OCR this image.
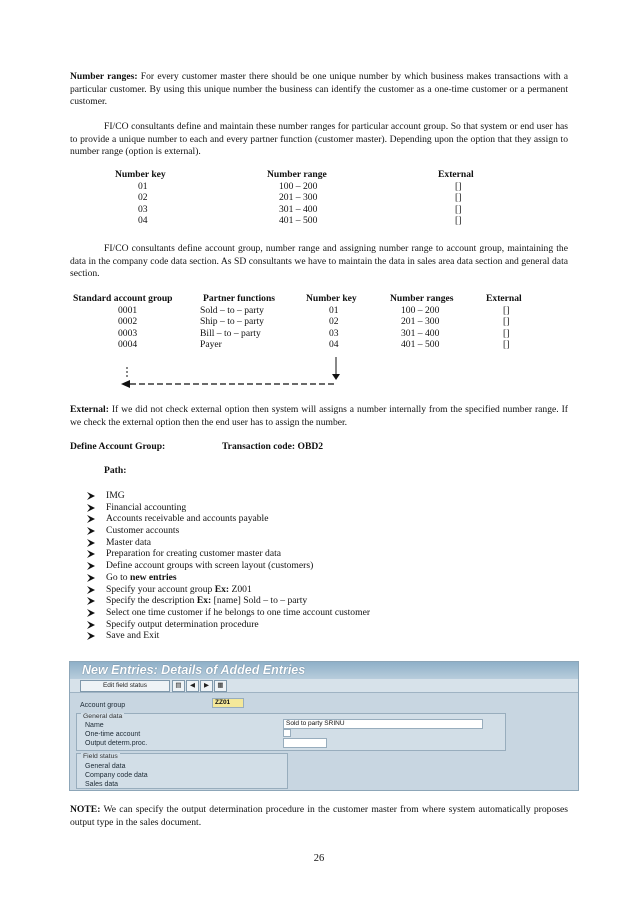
Number ranges: For every customer master there should be one unique number by which business makes transactions with a particular customer. By using this unique number the business can identify the customer as a one-time customer or a permanent customer.

FI/CO consultants define and maintain these number ranges for particular account group. So that system or end user has to provide a unique number to each and every partner function (customer master). Depending upon the option that they assign to number range (option is external).

Number key	Number range	External
01	100 – 200	[]
02	201 – 300	[]
03	301 – 400	[]
04	401 – 500	[]

FI/CO consultants define account group, number range and assigning number range to account group, maintaining the data in the company code data section. As SD consultants we have to maintain the data in sales area data section and general data section.

Standard account group	Partner functions	Number key	Number ranges	External
0001	Sold – to – party	01	100 – 200	[]
0002	Ship – to – party	02	201 – 300	[]
0003	Bill – to – party	03	301 – 400	[]
0004	Payer	04	401 – 500	[]

External: If we did not check external option then system will assigns a number internally from the specified number range. If we check the external option then the end user has to assign the number.

Define Account Group:	Transaction code: OBD2
Path:
IMG
Financial accounting
Accounts receivable and accounts payable
Customer accounts
Master data
Preparation for creating customer master data
Define account groups with screen layout (customers)
Go to new entries
Specify your account group Ex: Z001
Specify the description Ex: [name] Sold – to – party
Select one time customer if he belongs to one time account customer
Specify output determination procedure
Save and Exit
New Entries: Details of Added Entries
Edit field status	▤	◀	▶	▦
Account group	ZZ01
General data
Name	Sold to party SRINU
One-time account
Output determ.proc.
Field status
General data
Company code data
Sales data

NOTE: We can specify the output determination procedure in the customer master from where system automatically proposes output type in the sales document.

26
